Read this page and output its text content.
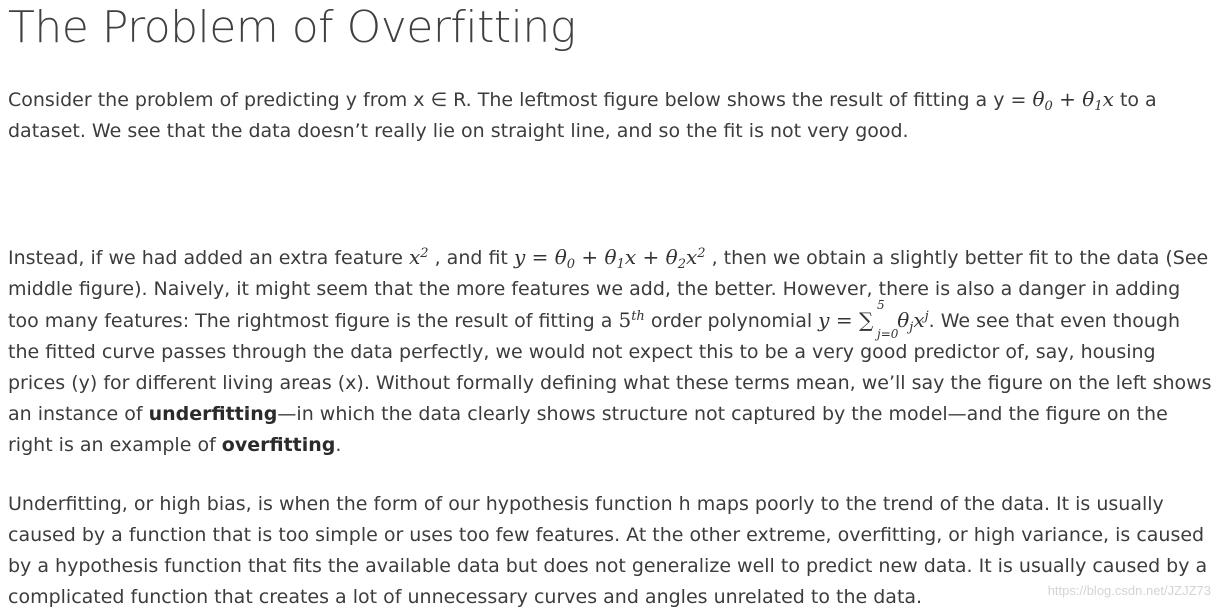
The Problem of Overfitting

Consider the problem of predicting y from x ∈ R. The leftmost figure below shows the result of fitting a $y = \theta_0 + \theta_1x$ to a dataset. We see that the data doesn’t really lie on straight line, and so the fit is not very good.

Instead, if we had added an extra feature $x^2$ , and fit $y = \theta_0 + \theta_1x + \theta_2x^2$ , then we obtain a slightly better fit to the data (See middle figure). Naively, it might seem that the more features we add, the better. However, there is also a danger in adding too many features: The rightmost figure is the result of fitting a 5th order polynomial y = ∑
5
j=0
$\theta_jx^j$. We see that even though the fitted curve passes through the data perfectly, we would not expect this to be a very good predictor of, say, housing prices (y) for different living areas (x). Without formally defining what these terms mean, we’ll say the figure on the left shows an instance of underfitting—in which the data clearly shows structure not captured by the model—and the figure on the right is an example of overfitting.

Underfitting, or high bias, is when the form of our hypothesis function h maps poorly to the trend of the data. It is usually caused by a function that is too simple or uses too few features. At the other extreme, overfitting, or high variance, is caused by a hypothesis function that fits the available data but does not generalize well to predict new data. It is usually caused by a complicated function that creates a lot of unnecessary curves and angles unrelated to the data.	https://blog.csdn.net/JZJZ73
